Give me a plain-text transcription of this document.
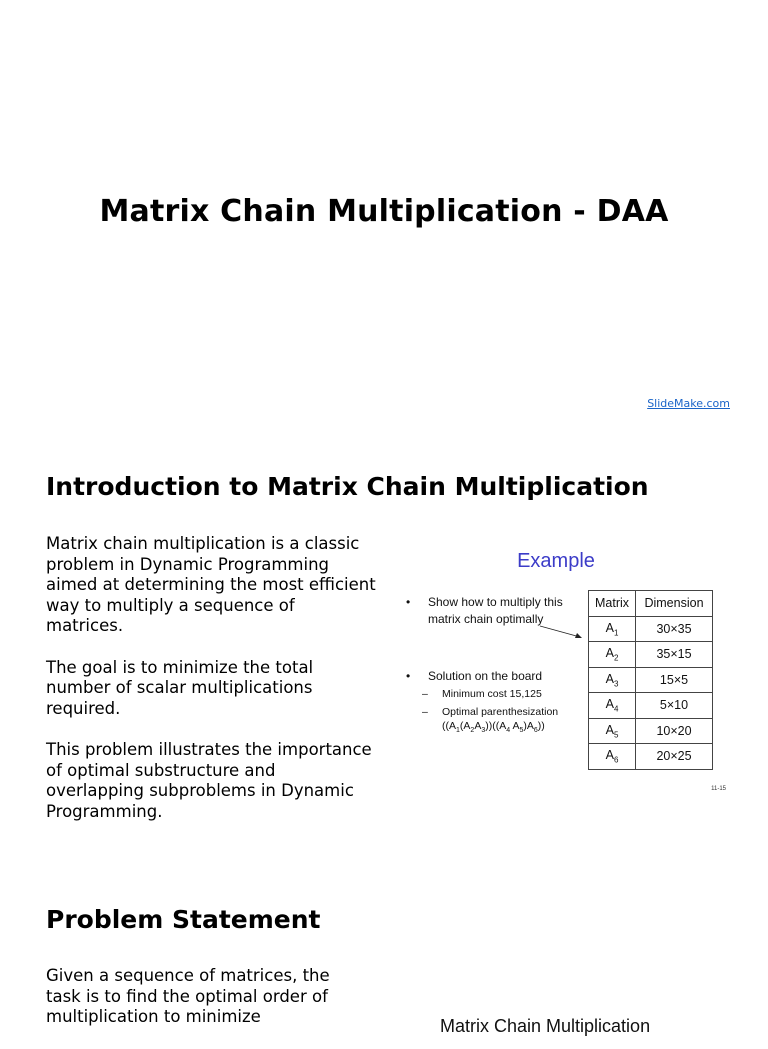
Matrix Chain Multiplication - DAA
SlideMake.com
Introduction to Matrix Chain Multiplication

Matrix chain multiplication is a classic problem in Dynamic Programming aimed at determining the most efficient way to multiply a sequence of matrices.

The goal is to minimize the total number of scalar multiplications required.

This problem illustrates the importance of optimal substructure and overlapping subproblems in Dynamic Programming.

Example
• Show how to multiply this matrix chain optimally
• Solution on the board
– Minimum cost 15,125
– Optimal parenthesization
($(A_1(A_2A_3))((A_4$ $A_5)A_6$))
Matrix	Dimension
$A_1$	30×35
$A_2$	35×15
$A_3$	15×5
$A_4$	5×10
$A_5$	10×20
$A_6$	20×25
11-15
Problem Statement

Given a sequence of matrices, the task is to find the optimal order of multiplication to minimize	Matrix Chain Multiplication
